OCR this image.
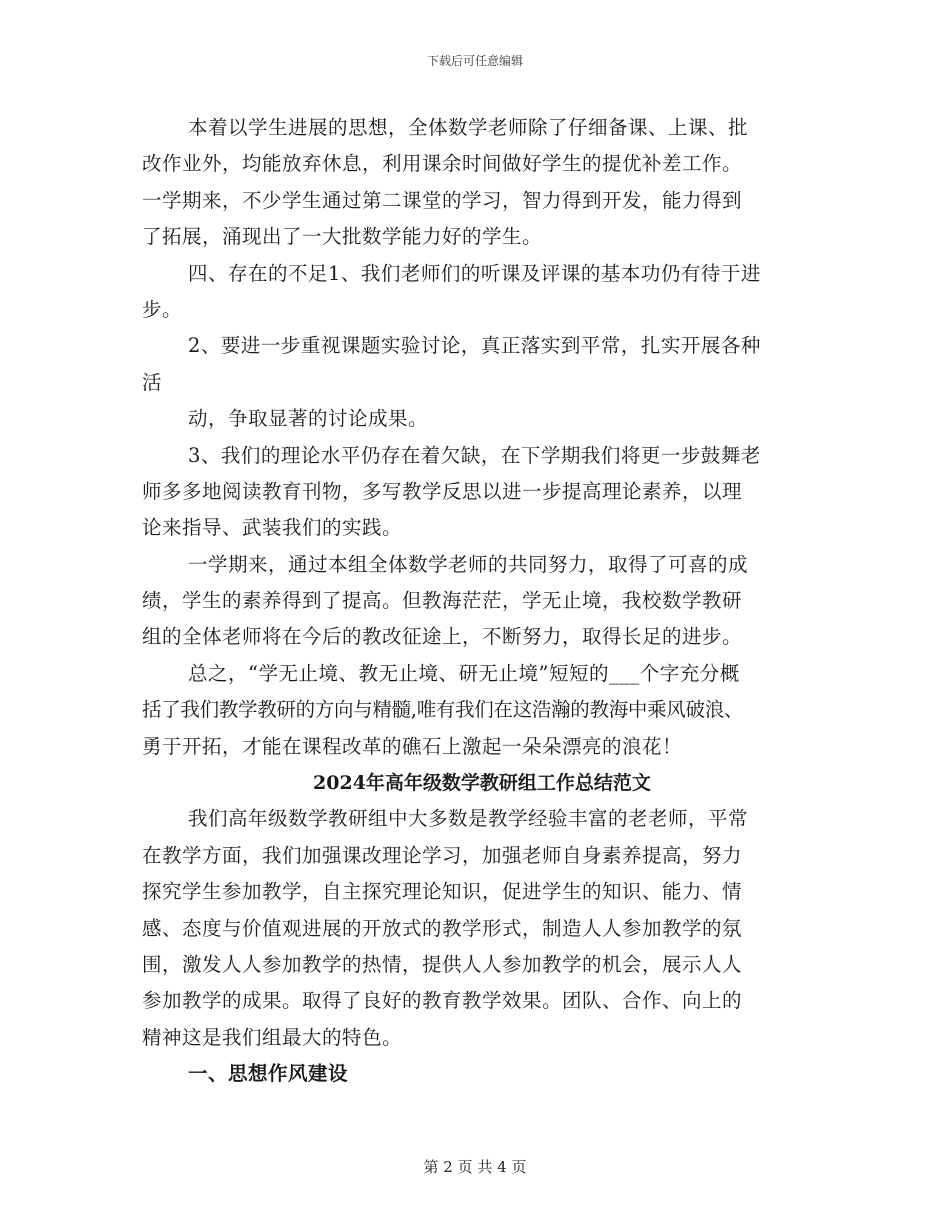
下载后可任意编辑
本着以学生进展的思想，全体数学老师除了仔细备课、上课、批
改作业外，均能放弃休息，利用课余时间做好学生的提优补差工作。
一学期来，不少学生通过第二课堂的学习，智力得到开发，能力得到
了拓展，涌现出了一大批数学能力好的学生。
四、存在的不足1、我们老师们的听课及评课的基本功仍有待于进
步。
2、要进一步重视课题实验讨论，真正落实到平常，扎实开展各种
活
动，争取显著的讨论成果。
3、我们的理论水平仍存在着欠缺，在下学期我们将更一步鼓舞老
师多多地阅读教育刊物，多写教学反思以进一步提高理论素养，以理
论来指导、武装我们的实践。
一学期来，通过本组全体数学老师的共同努力，取得了可喜的成
绩，学生的素养得到了提高。但教海茫茫，学无止境，我校数学教研
组的全体老师将在今后的教改征途上，不断努力，取得长足的进步。
总之，“学无止境、教无止境、研无止境”短短的___个字充分概
括了我们教学教研的方向与精髓,唯有我们在这浩瀚的教海中乘风破浪、
勇于开拓，才能在课程改革的礁石上激起一朵朵漂亮的浪花！
2024年高年级数学教研组工作总结范文
我们高年级数学教研组中大多数是教学经验丰富的老老师，平常
在教学方面，我们加强课改理论学习，加强老师自身素养提高，努力
探究学生参加教学，自主探究理论知识，促进学生的知识、能力、情
感、态度与价值观进展的开放式的教学形式，制造人人参加教学的氛
围，激发人人参加教学的热情，提供人人参加教学的机会，展示人人
参加教学的成果。取得了良好的教育教学效果。团队、合作、向上的
精神这是我们组最大的特色。
一、思想作风建设
第 2 页 共 4 页
